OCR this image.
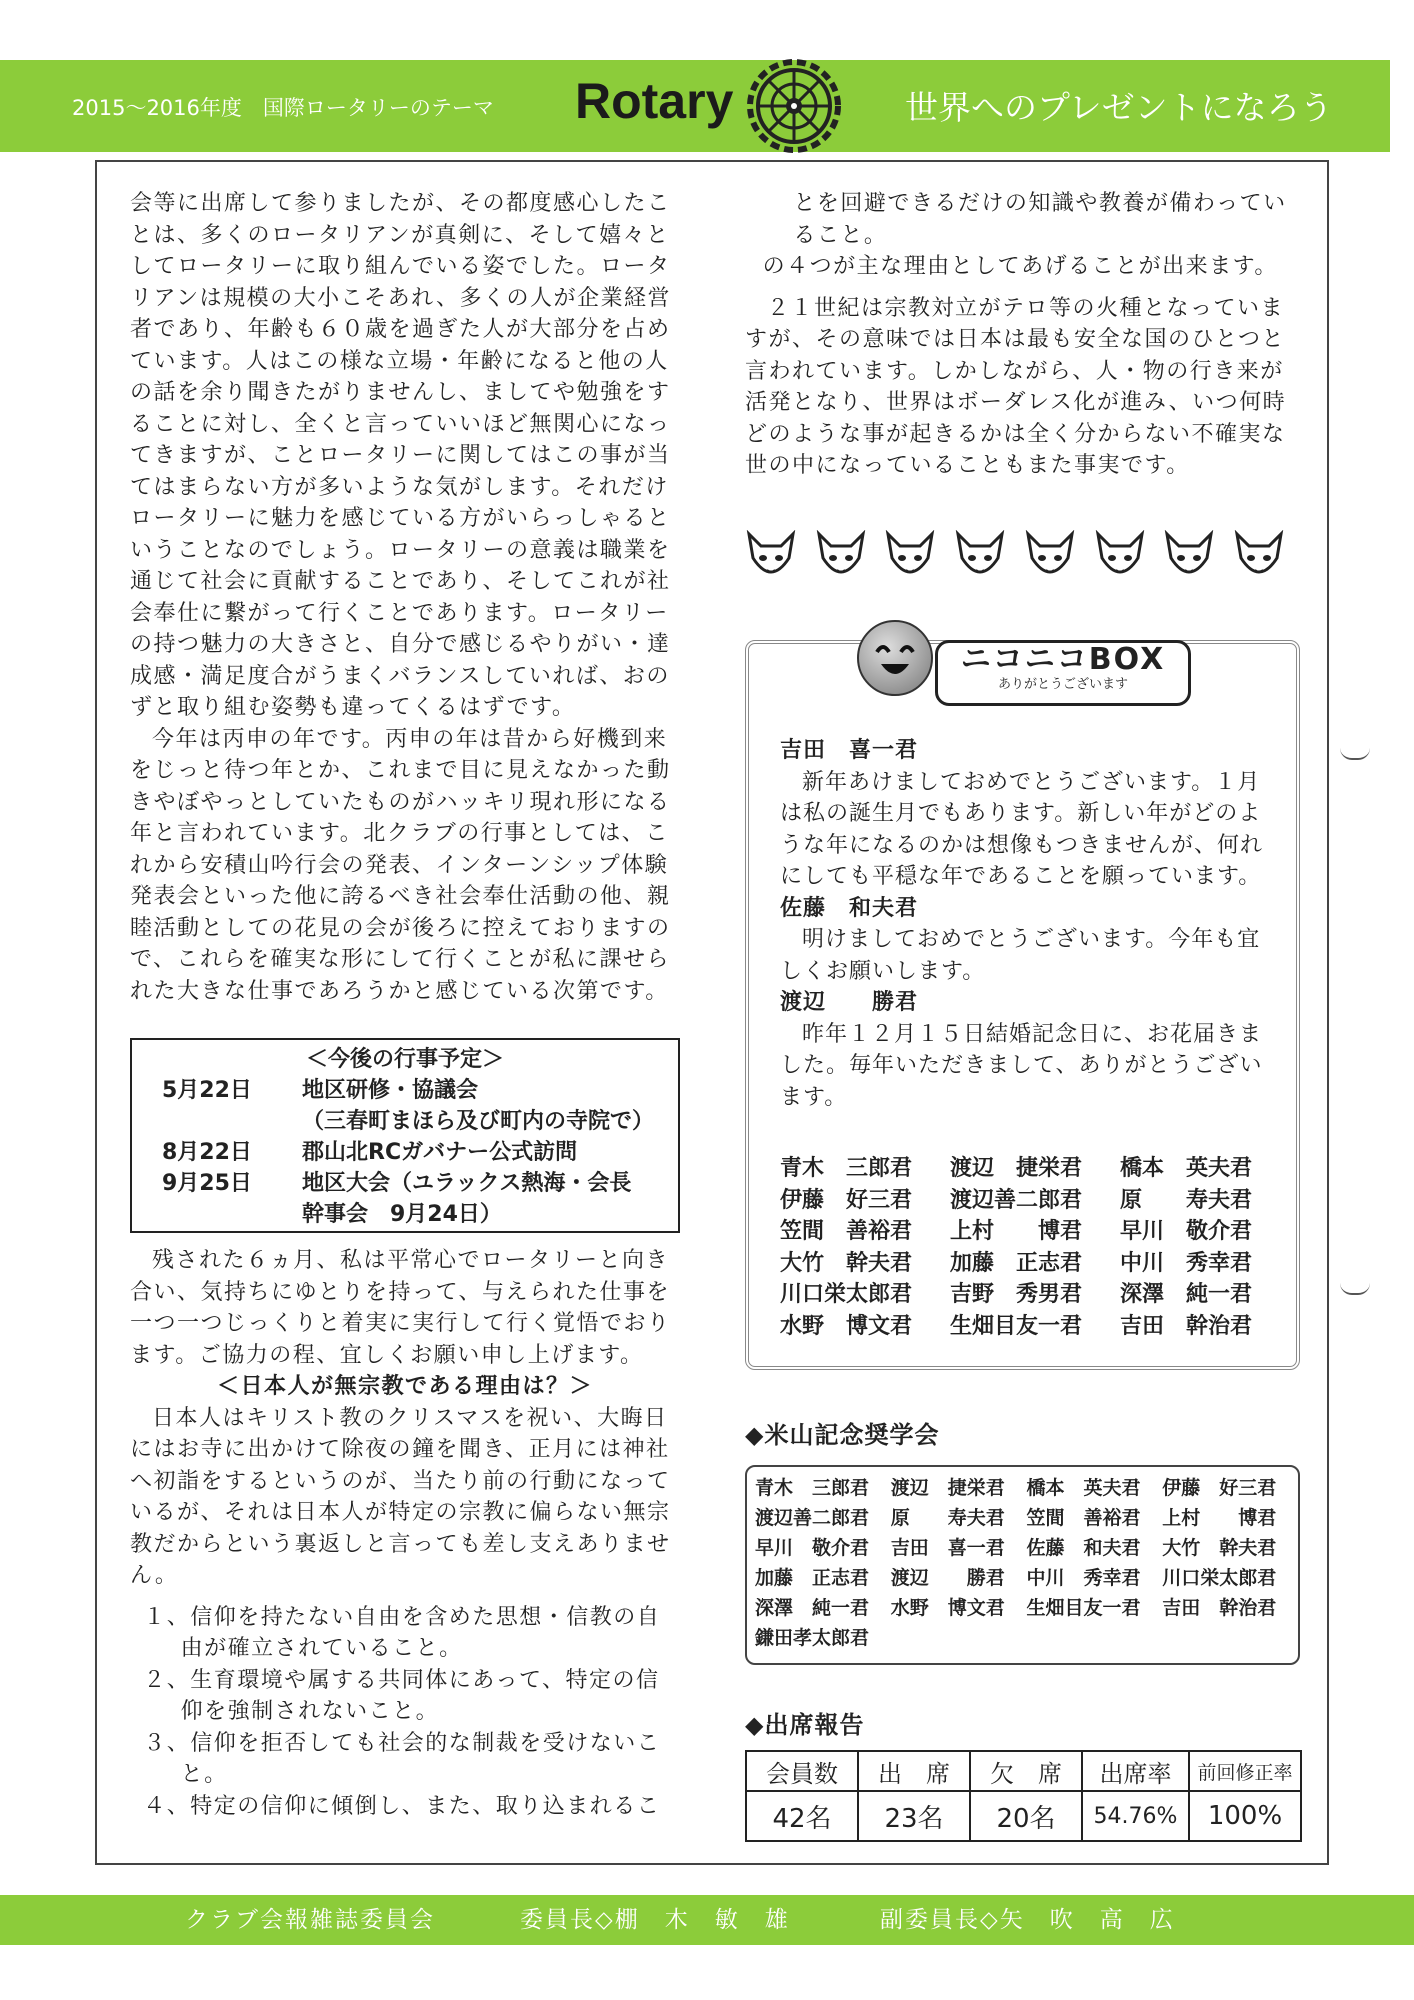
2015〜2016年度　国際ロータリーのテーマ Rotary	世界へのプレゼントになろう

会等に出席して参りましたが、その都度感心したことは、多くのロータリアンが真剣に、そして嬉々としてロータリーに取り組んでいる姿でした。ロータリアンは規模の大小こそあれ、多くの人が企業経営者であり、年齢も６０歳を過ぎた人が大部分を占めています。人はこの様な立場・年齢になると他の人の話を余り聞きたがりませんし、ましてや勉強をすることに対し、全くと言っていいほど無関心になってきますが、ことロータリーに関してはこの事が当てはまらない方が多いような気がします。それだけロータリーに魅力を感じている方がいらっしゃるということなのでしょう。ロータリーの意義は職業を通じて社会に貢献することであり、そしてこれが社会奉仕に繋がって行くことであります。ロータリーの持つ魅力の大きさと、自分で感じるやりがい・達成感・満足度合がうまくバランスしていれば、おのずと取り組む姿勢も違ってくるはずです。

今年は丙申の年です。丙申の年は昔から好機到来をじっと待つ年とか、これまで目に見えなかった動きやぼやっとしていたものがハッキリ現れ形になる年と言われています。北クラブの行事としては、これから安積山吟行会の発表、インターンシップ体験発表会といった他に誇るべき社会奉仕活動の他、親睦活動としての花見の会が後ろに控えておりますので、これらを確実な形にして行くことが私に課せられた大きな仕事であろうかと感じている次第です。

＜今後の行事予定＞
5月22日	地区研修・協議会
（三春町まほら及び町内の寺院で）
8月22日	郡山北RCガバナー公式訪問
9月25日	地区大会（ユラックス熱海・会長
幹事会　9月24日）

残された６ヵ月、私は平常心でロータリーと向き合い、気持ちにゆとりを持って、与えられた仕事を一つ一つじっくりと着実に実行して行く覚悟でおります。ご協力の程、宜しくお願い申し上げます。

＜日本人が無宗教である理由は？＞

日本人はキリスト教のクリスマスを祝い、大晦日にはお寺に出かけて除夜の鐘を聞き、正月には神社へ初詣をするというのが、当たり前の行動になっているが、それは日本人が特定の宗教に偏らない無宗教だからという裏返しと言っても差し支えありません。

１、信仰を持たない自由を含めた思想・信教の自由が確立されていること。

２、生育環境や属する共同体にあって、特定の信仰を強制されないこと。

３、信仰を拒否しても社会的な制裁を受けないこと。

４、特定の信仰に傾倒し、また、取り込まれるこ

とを回避できるだけの知識や教養が備わっていること。

の４つが主な理由としてあげることが出来ます。

２１世紀は宗教対立がテロ等の火種となっていますが、その意味では日本は最も安全な国のひとつと言われています。しかしながら、人・物の行き来が活発となり、世界はボーダレス化が進み、いつ何時どのような事が起きるかは全く分からない不確実な世の中になっていることもまた事実です。

ニコニコBOX
ありがとうございます

吉田　喜一君

新年あけましておめでとうございます。１月は私の誕生月でもあります。新しい年がどのような年になるのかは想像もつきませんが、何れにしても平穏な年であることを願っています。

佐藤　和夫君

明けましておめでとうございます。今年も宜しくお願いします。

渡辺　　勝君

昨年１２月１５日結婚記念日に、お花届きました。毎年いただきまして、ありがとうございます。

青木　三郎君	渡辺　捷栄君	橋本　英夫君
伊藤　好三君	渡辺善二郎君	原　　寿夫君
笠間　善裕君	上村　　博君	早川　敬介君
大竹　幹夫君	加藤　正志君	中川　秀幸君
川口栄太郎君	吉野　秀男君	深澤　純一君
水野　博文君	生畑目友一君	吉田　幹治君
◆米山記念奨学会
青木　三郎君	渡辺　捷栄君	橋本　英夫君	伊藤　好三君
渡辺善二郎君	原　　寿夫君	笠間　善裕君	上村　　博君
早川　敬介君	吉田　喜一君	佐藤　和夫君	大竹　幹夫君
加藤　正志君	渡辺　　勝君	中川　秀幸君	川口栄太郎君
深澤　純一君	水野　博文君	生畑目友一君	吉田　幹治君
鎌田孝太郎君
◆出席報告
会員数	出　席	欠　席	出席率	前回修正率
42名	23名	20名	54.76%	100%
クラブ会報雑誌委員会	委員長◇棚　木　敏　雄	副委員長◇矢　吹　高　広
